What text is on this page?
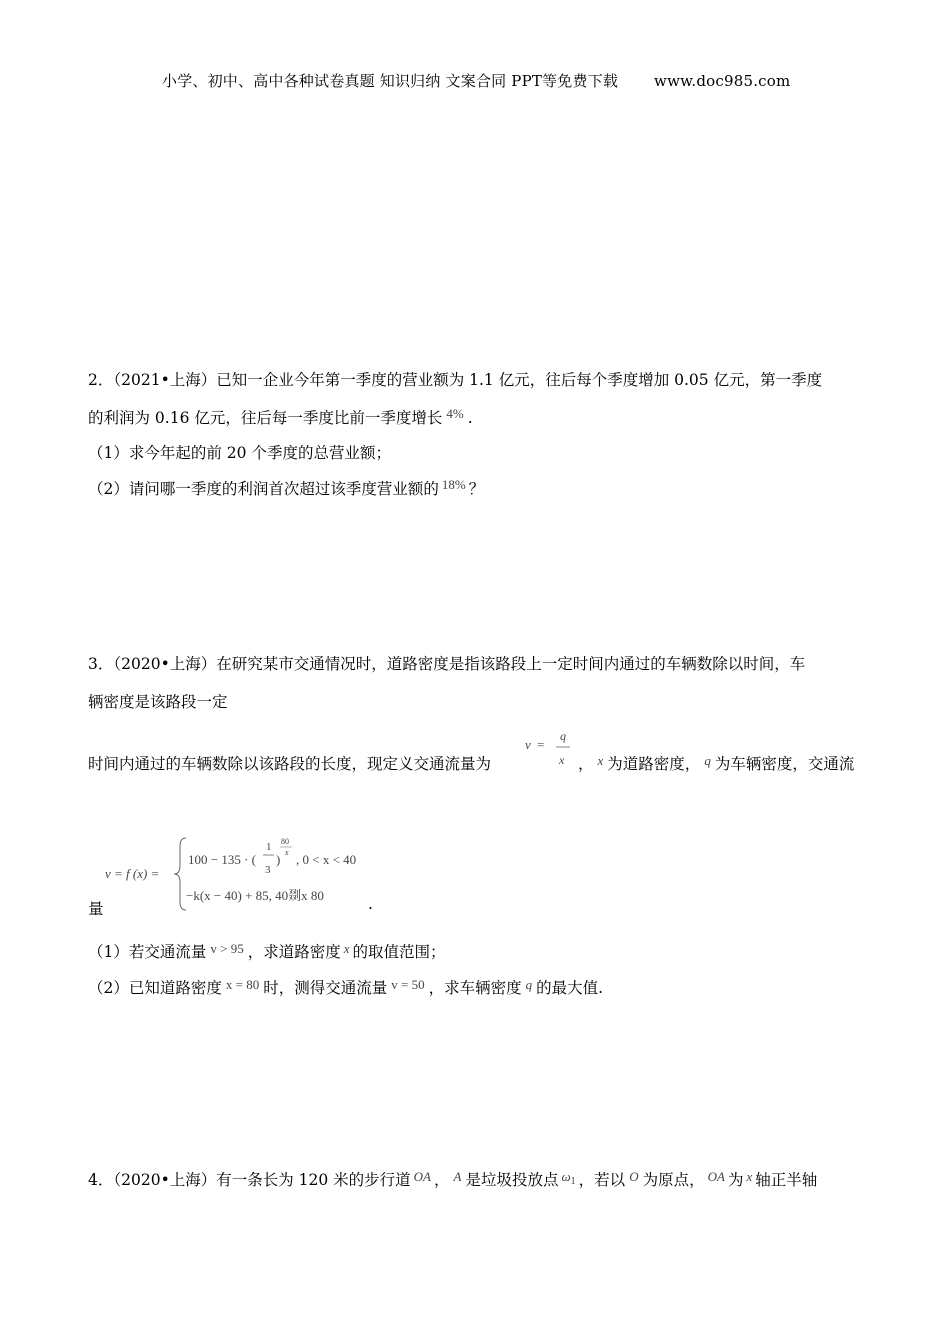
小学、初中、高中各种试卷真题 知识归纳 文案合同 PPT等免费下载 www.doc985.com
2．（2021•上海）已知一企业今年第一季度的营业额为 1.1 亿元，往后每个季度增加 0.05 亿元，第一季度
的利润为 0.16 亿元，往后每一季度比前一季度增长 $^{4\%}$ .
（1）求今年起的前 20 个季度的总营业额；
（2）请问哪一季度的利润首次超过该季度营业额的 $^{18\%}$ ？
3．（2020•上海）在研究某市交通情况时，道路密度是指该路段上一定时间内通过的车辆数除以时间，车
辆密度是该路段一定
时间内通过的车辆数除以该路段的长度，现定义交通流量为
v =
q
x ， $^x$ 为道路密度， $^q$ 为车辆密度，交通流
v = f (x) =
100 − 135 · (
1
3
)
80
x , 0 < x < 40
−k(x − 40) + 85, 40剟x 80
量	.
（1）若交通流量 $^{v > 95}$ ，求道路密度 $^x$ 的取值范围；
（2）已知道路密度 $^{x = 80}$ 时，测得交通流量 $^{v = 50}$ ，求车辆密度 $^q$ 的最大值.
4．（2020•上海）有一条长为 120 米的步行道 $^{OA}$ ， $^A$ 是垃圾投放点 $^\omega$1 ，若以 $^O$ 为原点， $^{OA}$ 为 $^x$ 轴正半轴
